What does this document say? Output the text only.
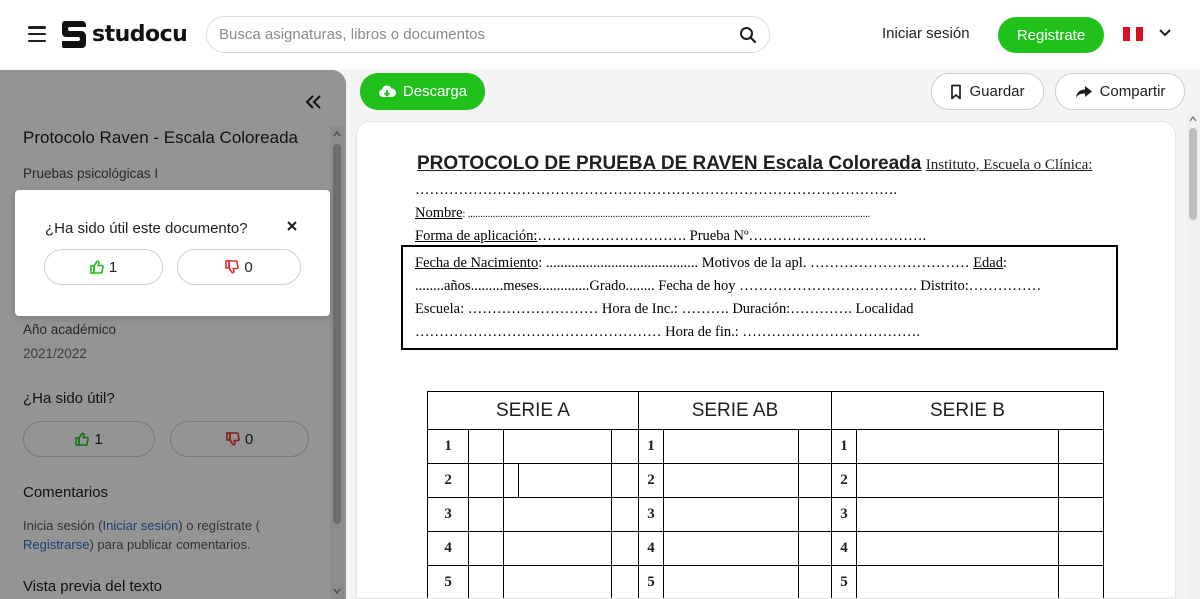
studocu
Busca asignaturas, libros o documentos	Iniciar sesión	Registrate
Protocolo Raven - Escala Coloreada
Pruebas psicológicas I
Año académico
2021/2022
¿Ha sido útil?
1	0
Comentarios
Inicia sesión (Iniciar sesión) o regístrate (
Registrarse) para publicar comentarios.
Vista previa del texto
¿Ha sido útil este documento?
1	0
Descarga	Guardar	Compartir
PROTOCOLO DE PRUEBA DE RAVEN Escala Coloreada Instituto, Escuela o Clínica:
……………………………………………………………………………………….
Nombre: .................................................................................................................................................................
Forma de aplicación:…………………………. Prueba Nº……………………………….
Fecha de Nacimiento: .......................................... Motivos de la apl. …………………………… Edad:
........años.........meses..............Grado........ Fecha de hoy ………………………………. Distrito:……………
Escuela: ……………………… Hora de Inc.: ………. Duración:…………. Localidad
…………………………………………… Hora de fin.: ……………………………….
SERIE A					SERIE AB			SERIE B		
1					1			1		
2					2			2		
3					3			3		
4					4			4		
5					5			5		
